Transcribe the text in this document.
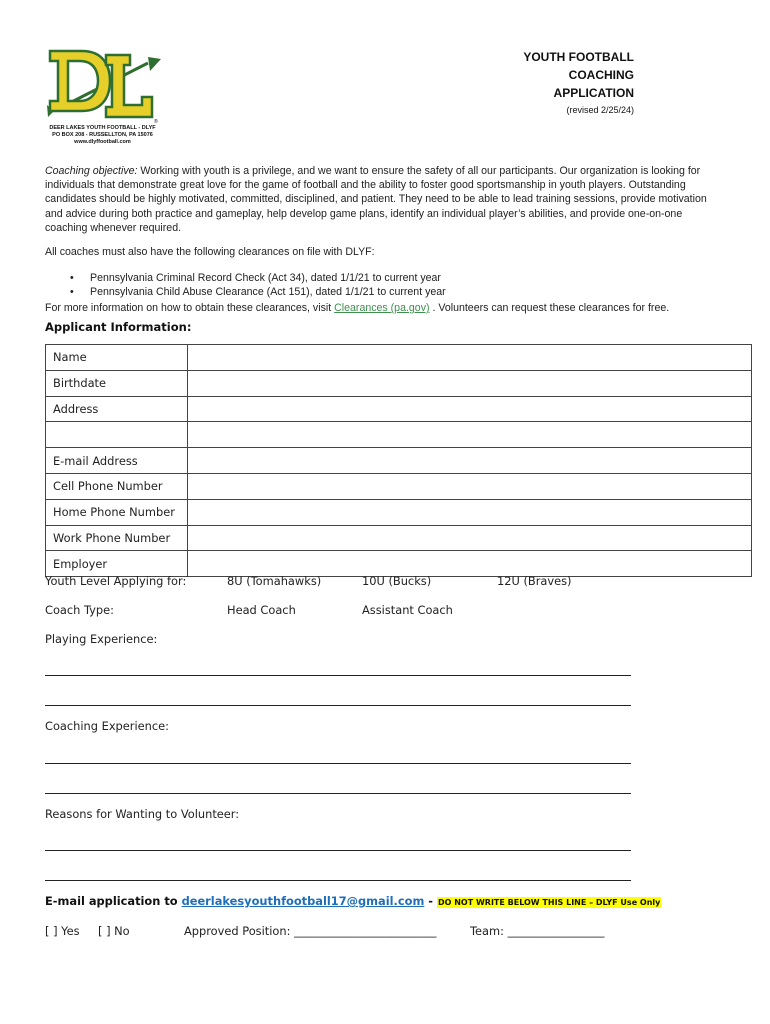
®
DEER LAKES YOUTH FOOTBALL - DLYF
PO BOX 208 - RUSSELLTON, PA 15076
www.dlyffootball.com
YOUTH FOOTBALL
COACHING
APPLICATION
(revised 2/25/24)
Coaching objective: Working with youth is a privilege, and we want to ensure the safety of all our participants. Our organization is looking for individuals that demonstrate great love for the game of football and the ability to foster good sportsmanship in youth players. Outstanding candidates should be highly motivated, committed, disciplined, and patient. They need to be able to lead training sessions, provide motivation and advice during both practice and gameplay, help develop game plans, identify an individual player’s abilities, and provide one-on-one coaching whenever required.
All coaches must also have the following clearances on file with DLYF:
• Pennsylvania Criminal Record Check (Act 34), dated 1/1/21 to current year
• Pennsylvania Child Abuse Clearance (Act 151), dated 1/1/21 to current year
For more information on how to obtain these clearances, visit Clearances (pa.gov) . Volunteers can request these clearances for free.
Applicant Information:
Name	
Birthdate	
Address	

E-mail Address	
Cell Phone Number	
Home Phone Number	
Work Phone Number	
Employer	
Youth Level Applying for:	8U (Tomahawks)	10U (Bucks)	12U (Braves)
Coach Type:	Head Coach	Assistant Coach
Playing Experience:
Coaching Experience:
Reasons for Wanting to Volunteer:
E-mail application to deerlakesyouthfootball17@gmail.com - DO NOT WRITE BELOW THIS LINE – DLYF Use Only
[ ] Yes [ ] No	Approved Position: _________________________	Team: _________________
